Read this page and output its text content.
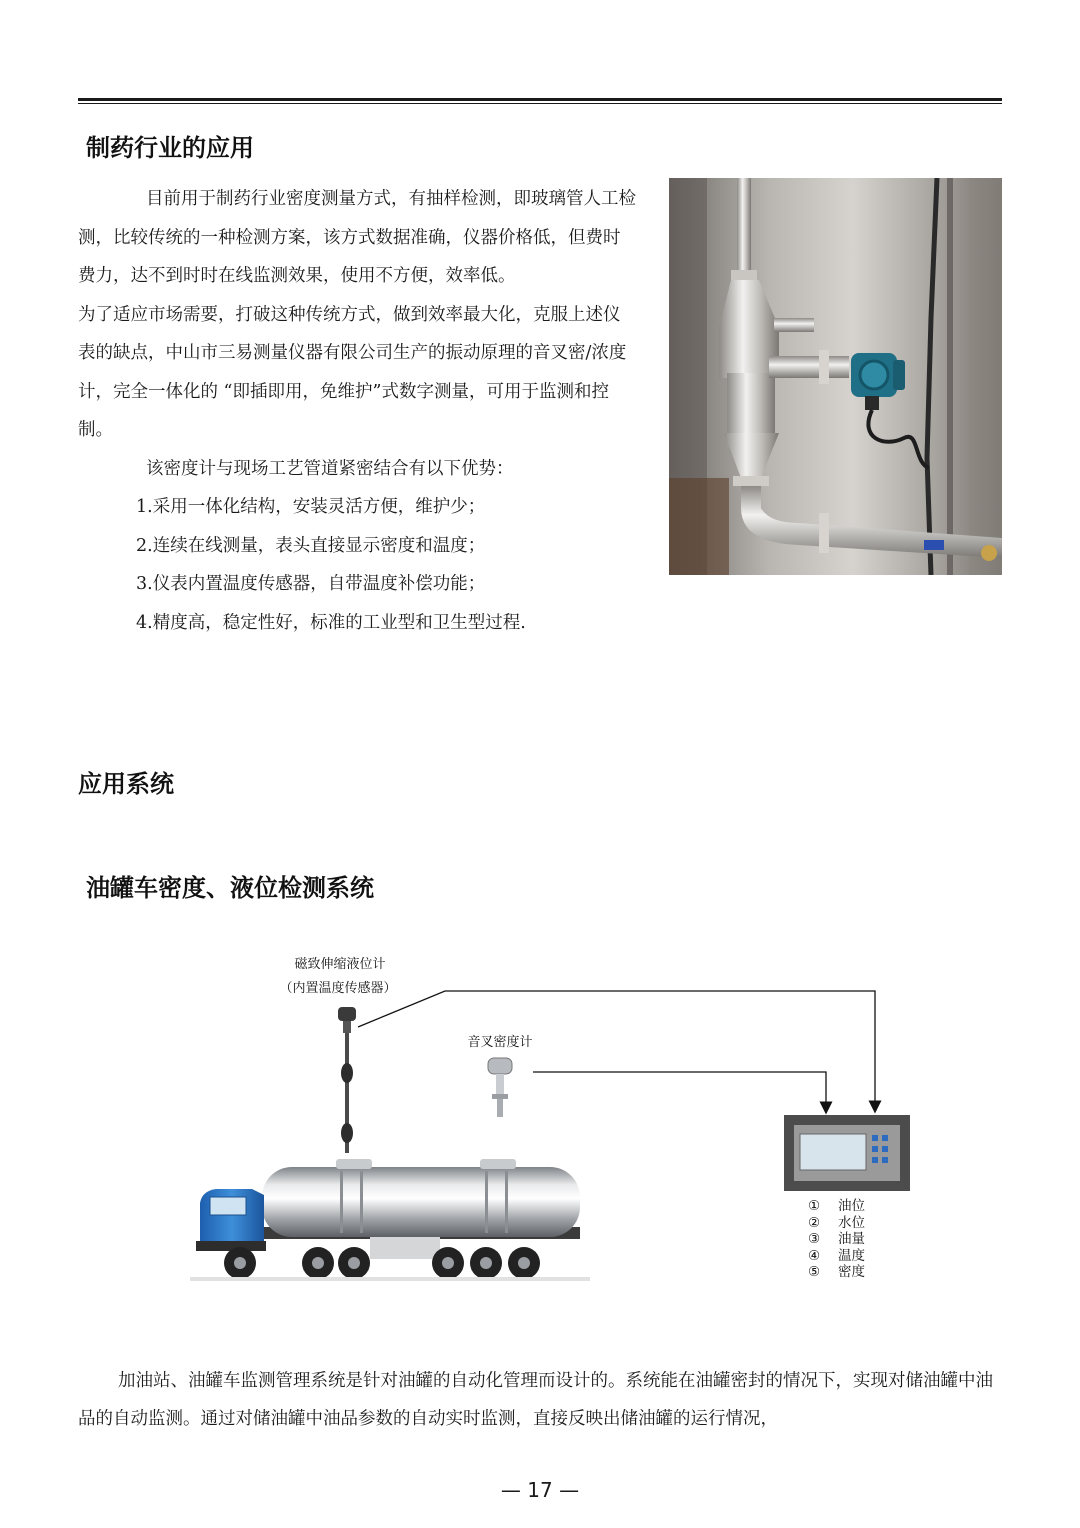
制药行业的应用

目前用于制药行业密度测量方式，有抽样检测，即玻璃管人工检测，比较传统的一种检测方案，该方式数据准确，仪器价格低，但费时费力，达不到时时在线监测效果，使用不方便，效率低。

为了适应市场需要，打破这种传统方式，做到效率最大化，克服上述仪表的缺点，中山市三易测量仪器有限公司生产的振动原理的音叉密/浓度计，完全一体化的 “即插即用，免维护”式数字测量，可用于监测和控制。

该密度计与现场工艺管道紧密结合有以下优势：

1.采用一体化结构，安装灵活方便，维护少；

2.连续在线测量，表头直接显示密度和温度；

3.仪表内置温度传感器，自带温度补偿功能；

4.精度高，稳定性好，标准的工业型和卫生型过程.

应用系统
油罐车密度、液位检测系统
磁致伸缩液位计
（内置温度传感器）
音叉密度计
①	油位
②	水位
③	油量
④	温度
⑤	密度

加油站、油罐车监测管理系统是针对油罐的自动化管理而设计的。系统能在油罐密封的情况下，实现对储油罐中油品的自动监测。通过对储油罐中油品参数的自动实时监测，直接反映出储油罐的运行情况，

— 17 —
